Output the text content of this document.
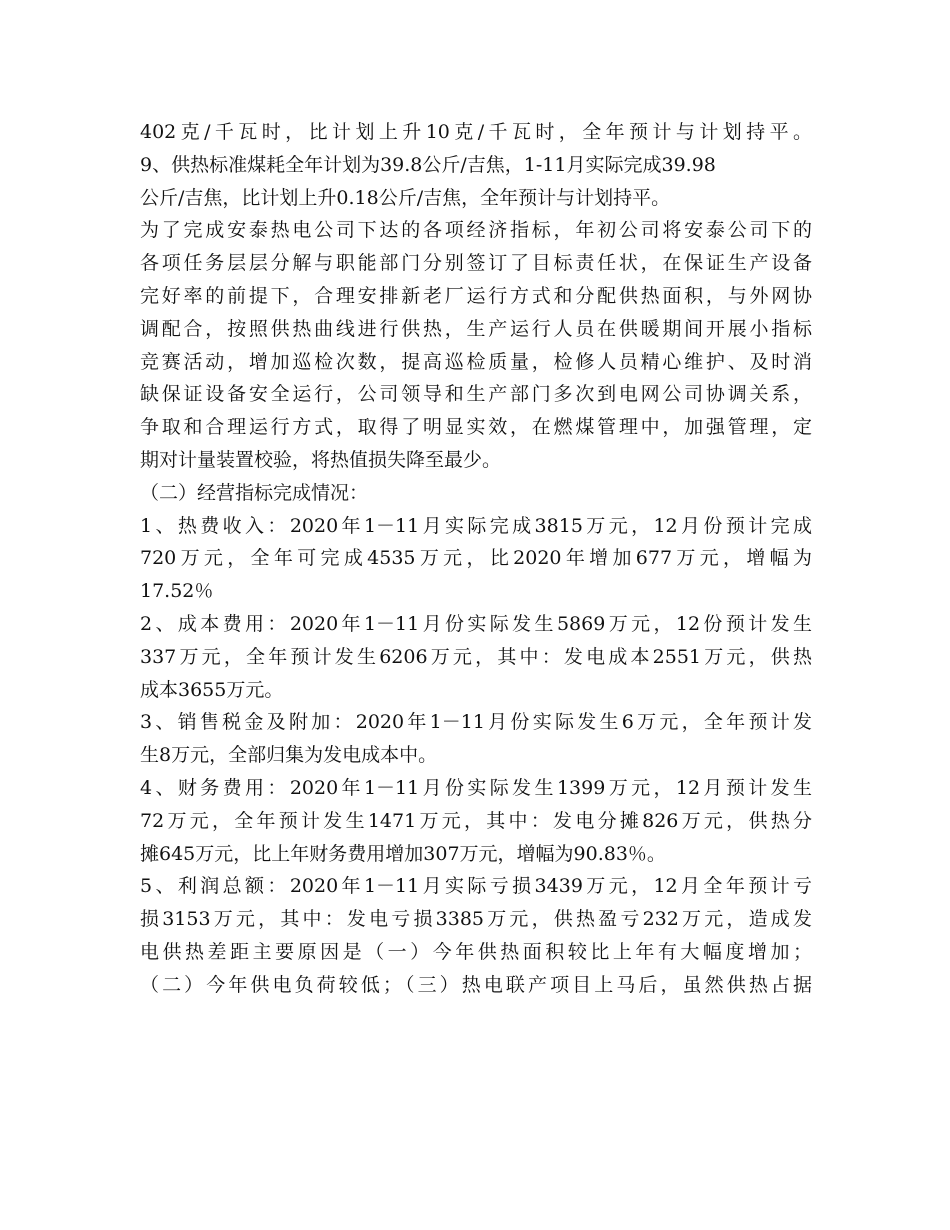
402克/千瓦时，比计划上升10克/千瓦时，全年预计与计划持平。
9、供热标准煤耗全年计划为39.8公斤/吉焦，1-11月实际完成39.98
公斤/吉焦，比计划上升0.18公斤/吉焦，全年预计与计划持平。
为了完成安泰热电公司下达的各项经济指标，年初公司将安泰公司下的
各项任务层层分解与职能部门分别签订了目标责任状，在保证生产设备
完好率的前提下，合理安排新老厂运行方式和分配供热面积，与外网协
调配合，按照供热曲线进行供热，生产运行人员在供暖期间开展小指标
竞赛活动，增加巡检次数，提高巡检质量，检修人员精心维护、及时消
缺保证设备安全运行，公司领导和生产部门多次到电网公司协调关系，
争取和合理运行方式，取得了明显实效，在燃煤管理中，加强管理，定
期对计量装置校验，将热值损失降至最少。
（二）经营指标完成情况：
1、热费收入：2020年1－11月实际完成3815万元，12月份预计完成
720万元，全年可完成4535万元，比2020年增加677万元，增幅为
17.52％
2、成本费用：2020年1－11月份实际发生5869万元，12份预计发生
337万元，全年预计发生6206万元，其中：发电成本2551万元，供热
成本3655万元。
3、销售税金及附加：2020年1－11月份实际发生6万元，全年预计发
生8万元，全部归集为发电成本中。
4、财务费用：2020年1－11月份实际发生1399万元，12月预计发生
72万元，全年预计发生1471万元，其中：发电分摊826万元，供热分
摊645万元，比上年财务费用增加307万元，增幅为90.83％。
5、利润总额：2020年1－11月实际亏损3439万元，12月全年预计亏
损3153万元，其中：发电亏损3385万元，供热盈亏232万元，造成发
电供热差距主要原因是（一）今年供热面积较比上年有大幅度增加；
（二）今年供电负荷较低；（三）热电联产项目上马后，虽然供热占据
